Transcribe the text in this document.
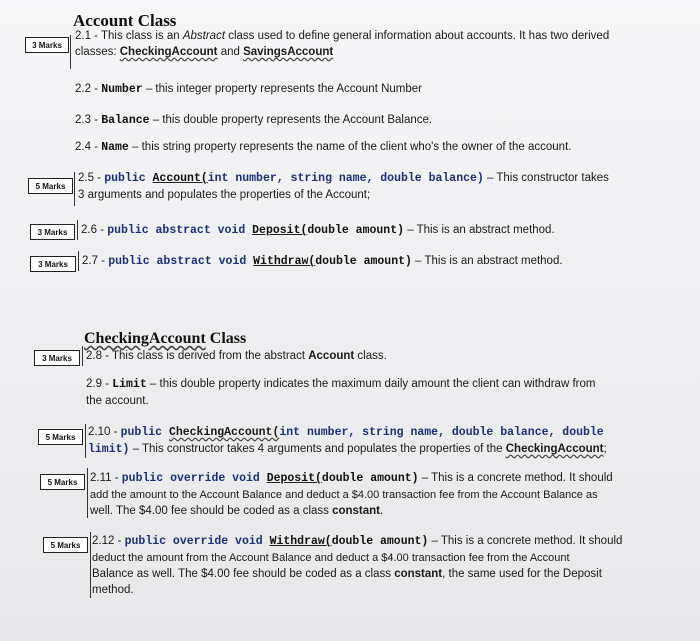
Account Class
3 Marks
2.1 - This class is an Abstract class used to define general information about accounts. It has two derived
classes: CheckingAccount and SavingsAccount
2.2 - Number – this integer property represents the Account Number
2.3 - Balance – this double property represents the Account Balance.
2.4 - Name – this string property represents the name of the client who's the owner of the account.
5 Marks
2.5 - public Account(int number, string name, double balance) – This constructor takes
3 arguments and populates the properties of the Account;
3 Marks	2.6 - public abstract void Deposit(double amount) – This is an abstract method.
3 Marks	2.7 - public abstract void Withdraw(double amount) – This is an abstract method.
CheckingAccount Class
3 Marks	2.8 - This class is derived from the abstract Account class.
2.9 - Limit – this double property indicates the maximum daily amount the client can withdraw from
the account.
5 Marks	2.10 - public CheckingAccount(int number, string name, double balance, double
limit) – This constructor takes 4 arguments and populates the properties of the CheckingAccount;
5 Marks	2.11 - public override void Deposit(double amount) – This is a concrete method. It should
add the amount to the Account Balance and deduct a $4.00 transaction fee from the Account Balance as
well. The $4.00 fee should be coded as a class constant.
5 Marks	2.12 - public override void Withdraw(double amount) – This is a concrete method. It should
deduct the amount from the Account Balance and deduct a $4.00 transaction fee from the Account
Balance as well. The $4.00 fee should be coded as a class constant, the same used for the Deposit
method.
